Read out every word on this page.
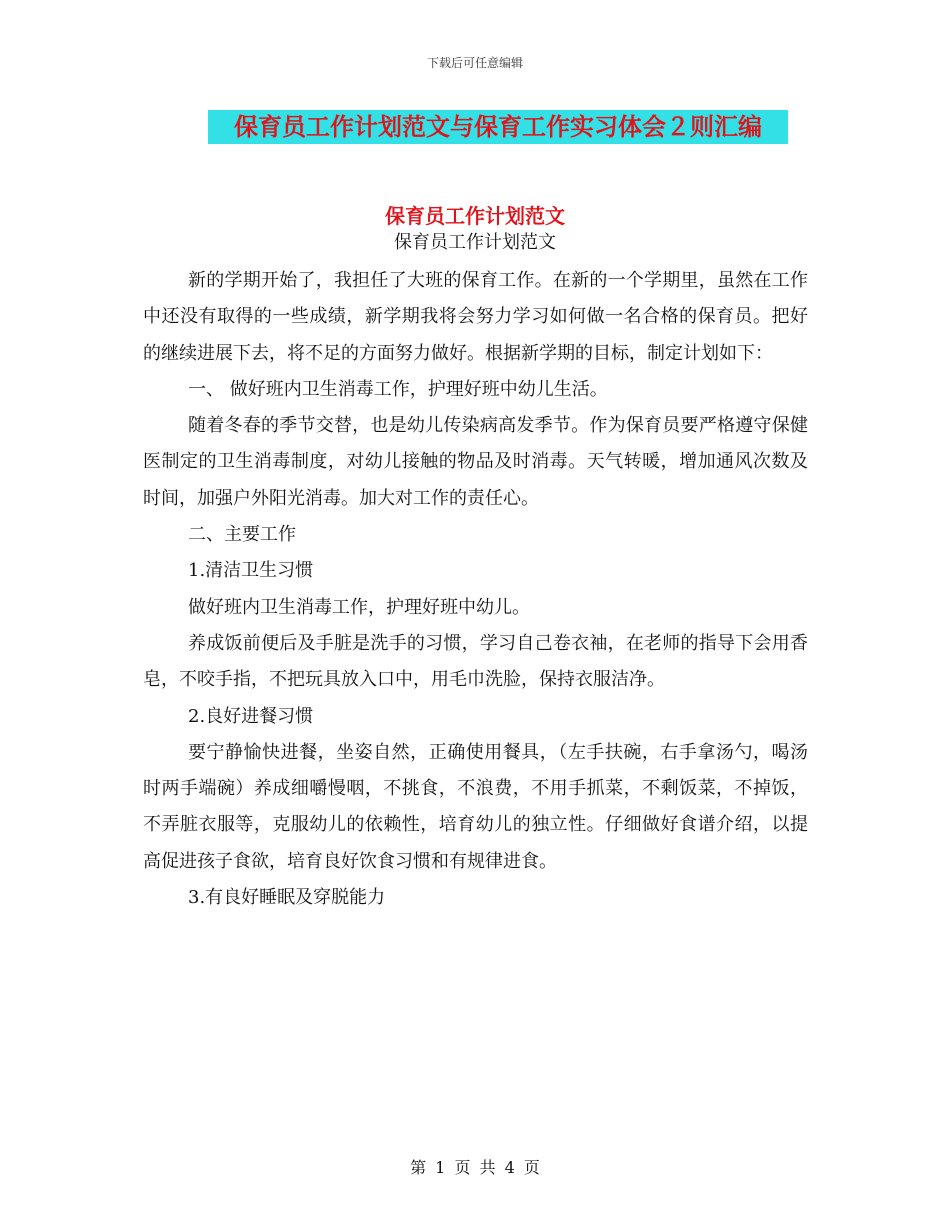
下载后可任意编辑
保育员工作计划范文与保育工作实习体会２则汇编
保育员工作计划范文
保育员工作计划范文

新的学期开始了，我担任了大班的保育工作。在新的一个学期里，虽然在工作中还没有取得的一些成绩，新学期我将会努力学习如何做一名合格的保育员。把好的继续进展下去，将不足的方面努力做好。根据新学期的目标，制定计划如下：

一、 做好班内卫生消毒工作，护理好班中幼儿生活。

随着冬春的季节交替，也是幼儿传染病高发季节。作为保育员要严格遵守保健医制定的卫生消毒制度，对幼儿接触的物品及时消毒。天气转暖，增加通风次数及时间，加强户外阳光消毒。加大对工作的责任心。

二、主要工作

1.清洁卫生习惯

做好班内卫生消毒工作，护理好班中幼儿。

养成饭前便后及手脏是洗手的习惯，学习自己卷衣袖，在老师的指导下会用香皂，不咬手指，不把玩具放入口中，用毛巾洗脸，保持衣服洁净。

2.良好进餐习惯

要宁静愉快进餐，坐姿自然，正确使用餐具，（左手扶碗，右手拿汤勺，喝汤时两手端碗）养成细嚼慢咽，不挑食，不浪费，不用手抓菜，不剩饭菜，不掉饭，不弄脏衣服等，克服幼儿的依赖性，培育幼儿的独立性。仔细做好食谱介绍，以提高促进孩子食欲，培育良好饮食习惯和有规律进食。

3.有良好睡眠及穿脱能力

第 1 页 共 4 页
